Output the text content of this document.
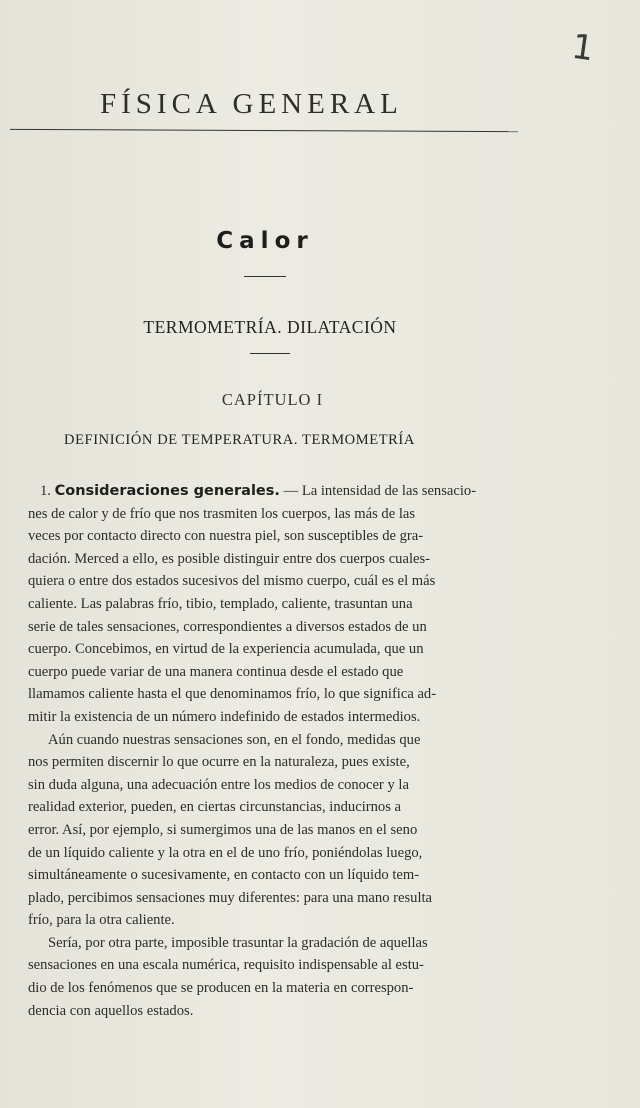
1
FÍSICA GENERAL
Calor
TERMOMETRÍA. DILATACIÓN
CAPÍTULO I
DEFINICIÓN DE TEMPERATURA. TERMOMETRÍA
1. Consideraciones generales. — La intensidad de las sensacio-
nes de calor y de frío que nos trasmiten los cuerpos, las más de las
veces por contacto directo con nuestra piel, son susceptibles de gra-
dación. Merced a ello, es posible distinguir entre dos cuerpos cuales-
quiera o entre dos estados sucesivos del mismo cuerpo, cuál es el más
caliente. Las palabras frío, tibio, templado, caliente, trasuntan una
serie de tales sensaciones, correspondientes a diversos estados de un
cuerpo. Concebimos, en virtud de la experiencia acumulada, que un
cuerpo puede variar de una manera continua desde el estado que
llamamos caliente hasta el que denominamos frío, lo que significa ad-
mitir la existencia de un número indefinido de estados intermedios.
Aún cuando nuestras sensaciones son, en el fondo, medidas que
nos permiten discernir lo que ocurre en la naturaleza, pues existe,
sin duda alguna, una adecuación entre los medios de conocer y la
realidad exterior, pueden, en ciertas circunstancias, inducirnos a
error. Así, por ejemplo, si sumergimos una de las manos en el seno
de un líquido caliente y la otra en el de uno frío, poniéndolas luego,
simultáneamente o sucesivamente, en contacto con un líquido tem-
plado, percibimos sensaciones muy diferentes: para una mano resulta
frío, para la otra caliente.
Sería, por otra parte, imposible trasuntar la gradación de aquellas
sensaciones en una escala numérica, requisito indispensable al estu-
dio de los fenómenos que se producen en la materia en correspon-
dencia con aquellos estados.
